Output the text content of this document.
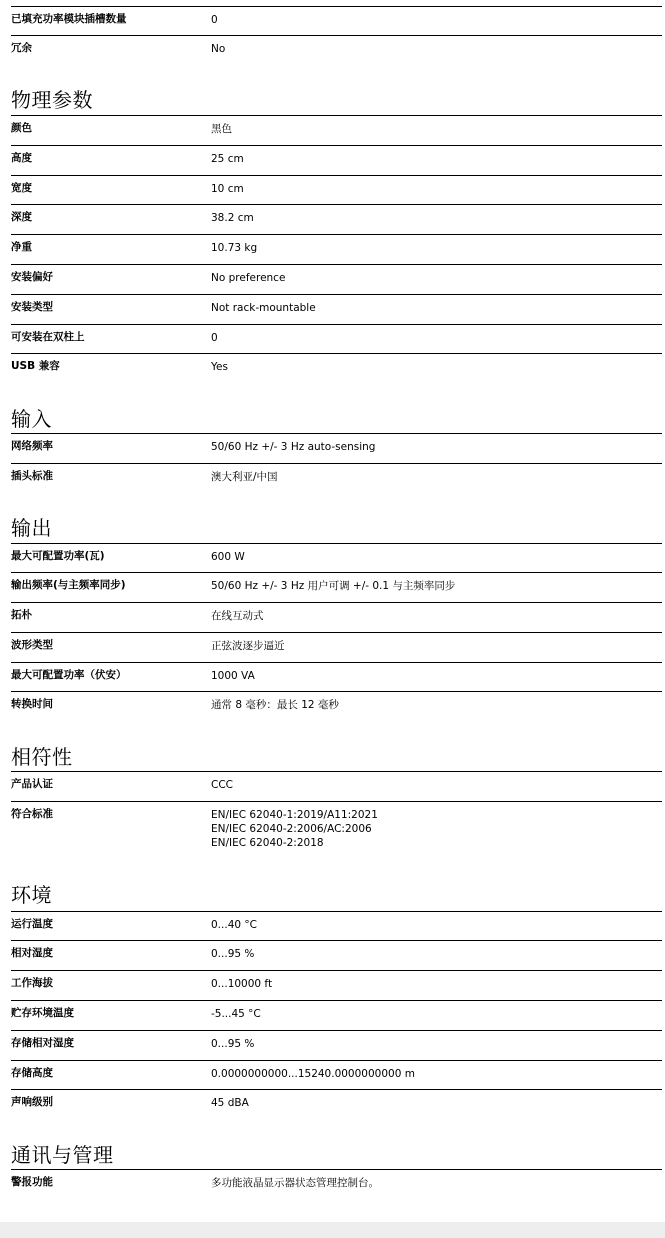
已填充功率模块插槽数量	0
冗余	No
物理参数
颜色	黑色
高度	25 cm
宽度	10 cm
深度	38.2 cm
净重	10.73 kg
安装偏好	No preference
安装类型	Not rack-mountable
可安装在双柱上	0
USB 兼容	Yes
输入
网络频率	50/60 Hz +/- 3 Hz auto-sensing
插头标准	澳大利亚/中国
输出
最大可配置功率(瓦)	600 W
输出频率(与主频率同步)	50/60 Hz +/- 3 Hz 用户可调 +/- 0.1 与主频率同步
拓朴	在线互动式
波形类型	正弦波逐步逼近
最大可配置功率（伏安）	1000 VA
转换时间	通常 8 毫秒：最长 12 毫秒
相符性
产品认证	CCC
符合标准	EN/IEC 62040-1:2019/A11:2021
EN/IEC 62040-2:2006/AC:2006
EN/IEC 62040-2:2018
环境
运行温度	0...40 °C
相对湿度	0...95 %
工作海拔	0...10000 ft
贮存环境温度	-5...45 °C
存储相对湿度	0...95 %
存储高度	0.0000000000...15240.0000000000 m
声响级别	45 dBA
通讯与管理
警报功能	多功能液晶显示器状态管理控制台。
